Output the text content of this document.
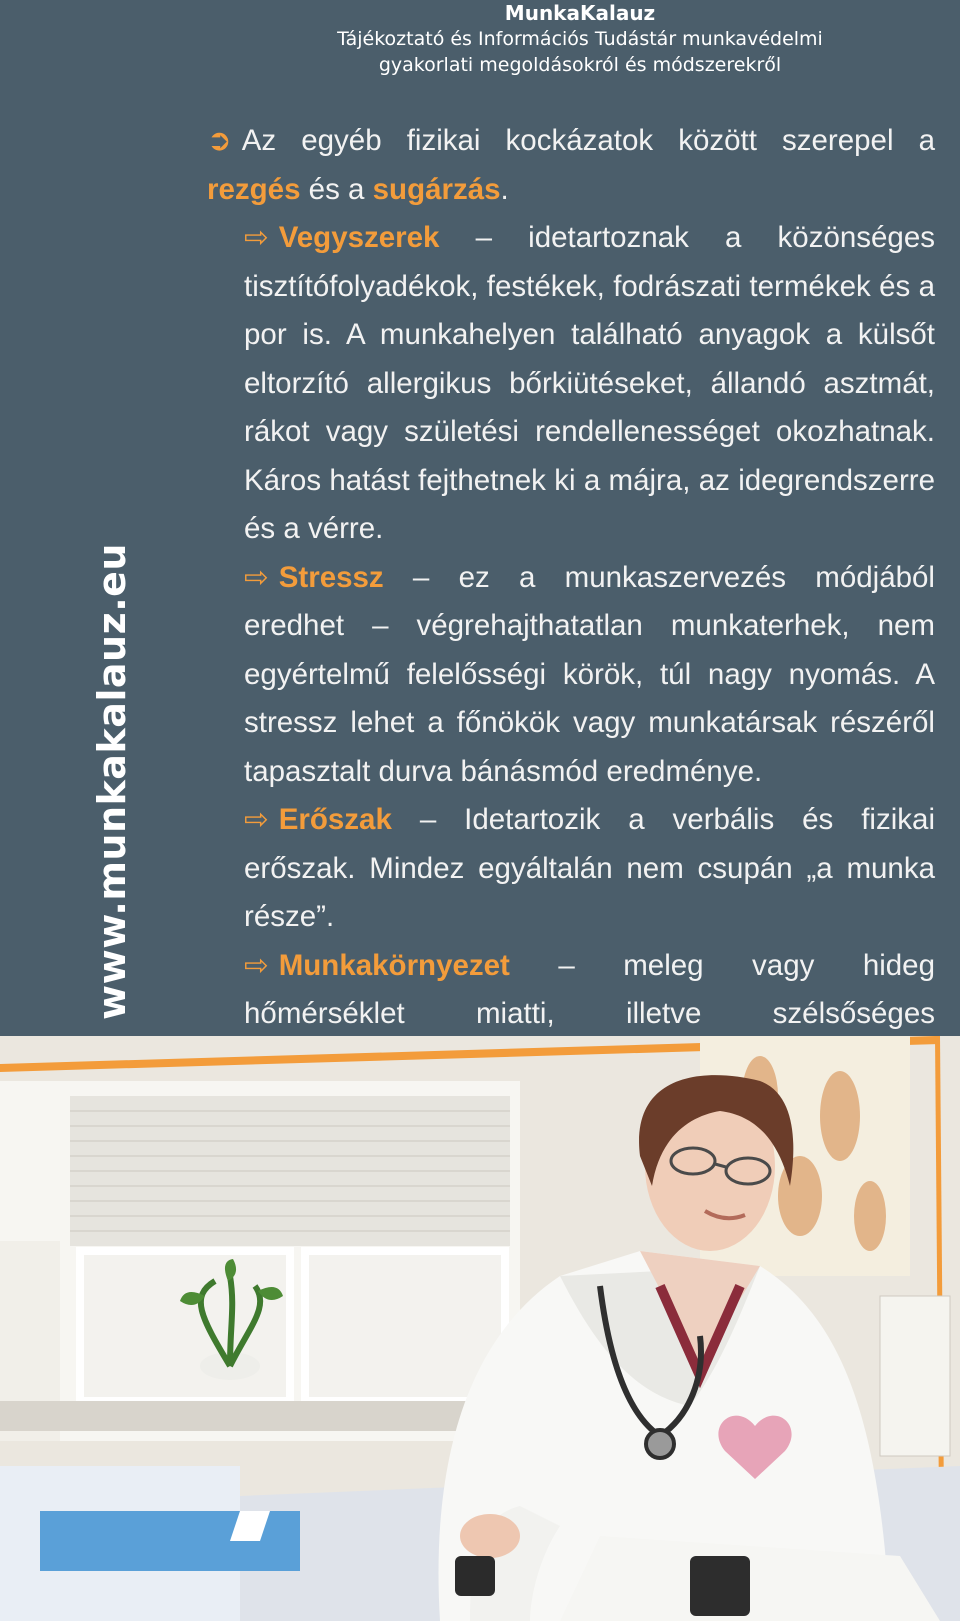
MunkaKalauz
Tájékoztató és Információs Tudástár munkavédelmi
gyakorlati megoldásokról és módszerekről
www.munkakalauz.eu

➲ Az egyéb fizikai kockázatok között szerepel a rezgés és a sugárzás.

⇨ Vegyszerek – idetartoznak a közönséges tisztítófolyadékok, festékek, fodrászati termékek és a por is. A munkahelyen található anyagok a külsőt eltorzító allergikus bőrkiütéseket, állandó asztmát, rákot vagy születési rendellenességet okozhatnak. Káros hatást fejthetnek ki a májra, az idegrendszerre és a vérre.

⇨ Stressz – ez a munkaszervezés módjából eredhet – végrehajthatatlan munkaterhek, nem egyértelmű felelősségi körök, túl nagy nyomás. A stressz lehet a főnökök vagy munkatársak részéről tapasztalt durva bánásmód eredménye.

⇨ Erőszak – Idetartozik a verbális és fizikai erőszak. Mindez egyáltalán nem csupán „a munka része”.

⇨ Munkakörnyezet – meleg vagy hideg hőmérséklet miatti, illetve szélsőséges
